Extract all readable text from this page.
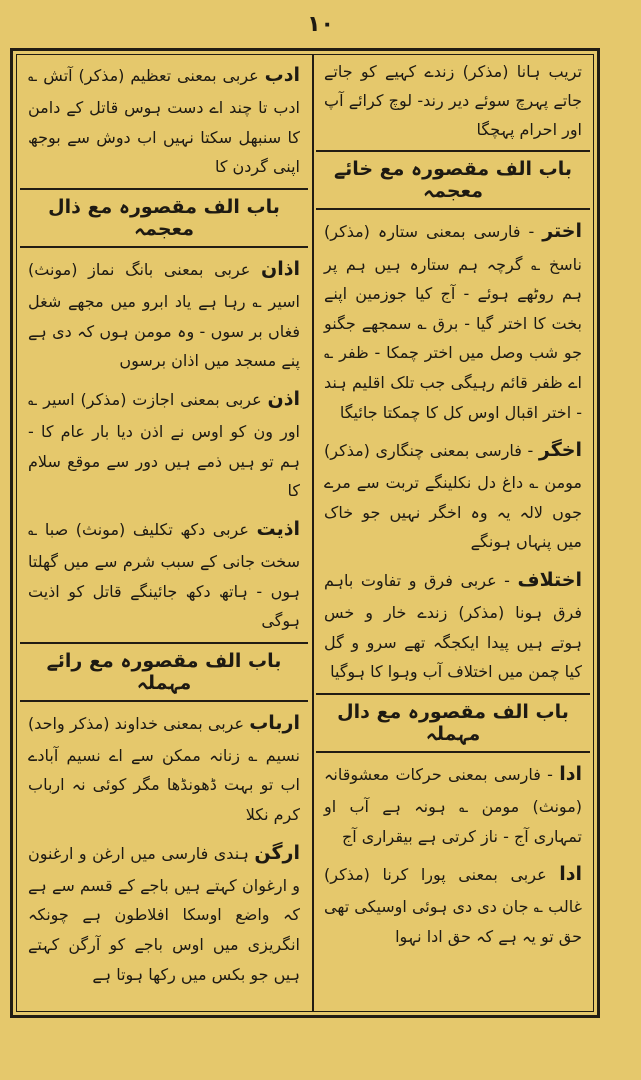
۱۰
تریب ہانا (مذکر) زندے کہیے کو جاتے جاتے پہرچ سوئے دیر رند- لوچ کرائے آپ اور احرام پہچگا
باب الف مقصورہ مع خائے معجمہ
اختر - فارسی بمعنی ستارہ (مذکر) ناسخ ؎ گرچہ ہم ستارہ ہیں ہم پر ہم روٹھے ہوئے - آج کیا جوزمین اپنے بخت کا اختر گیا - برق ؎ سمجھے جگنو جو شب وصل میں اختر چمکا - ظفر ؎ اے ظفر قائم رہیگی جب تلک اقلیم ہند - اختر اقبال اوس کل کا چمکتا جائیگا
اخگر - فارسی بمعنی چنگاری (مذکر) مومن ؎ داغ دل نکلینگے تربت سے مرے جوں لالہ یہ وہ اخگر نہیں جو خاک میں پنہاں ہونگے
اختلاف - عربی فرق و تفاوت باہم فرق ہونا (مذکر) زندے خار و خس ہوتے ہیں پیدا ایکجگہ تھے سرو و گل کیا چمن میں اختلاف آب وہوا کا ہوگیا
باب الف مقصورہ مع دال مہملہ
ادا - فارسی بمعنی حرکات معشوقانہ (مونث) مومن ؎ ہونہ ہے آب او تمہاری آج - ناز کرتی ہے بیقراری آج
ادا عربی بمعنی پورا کرنا (مذکر) غالب ؎ جان دی دی ہوئی اوسیکی تھی حق تو یہ ہے کہ حق ادا نہوا
ادب عربی بمعنی تعظیم (مذکر) آتش ؎ ادب تا چند اے دست ہوس قاتل کے دامن کا سنبھل سکتا نہیں اب دوش سے بوجھ اپنی گردن کا
باب الف مقصورہ مع ذال معجمہ
اذان عربی بمعنی بانگ نماز (مونث) اسیر ؎ رہا ہے یاد ابرو میں مجھے شغل فغاں بر سوں - وہ مومن ہوں کہ دی ہے پنے مسجد میں اذان برسوں
اذن عربی بمعنی اجازت (مذکر) اسیر ؎ اور ون کو اوس نے اذن دیا بار عام کا - ہم تو ہیں ذمے ہیں دور سے موقع سلام کا
اذیت عربی دکھ تکلیف (مونث) صبا ؎ سخت جانی کے سبب شرم سے میں گھلتا ہوں - ہاتھ دکھ جائینگے قاتل کو اذیت ہوگی
باب الف مقصورہ مع رائے مہملہ
ارباب عربی بمعنی خداوند (مذکر واحد) نسیم ؎ زنانہ ممکن سے اے نسیم آبادے اب تو بہت ڈھونڈھا مگر کوئی نہ ارباب کرم نکلا
ارگن ہندی فارسی میں ارغن و ارغنون و ارغوان کہتے ہیں باجے کے قسم سے ہے کہ واضع اوسکا افلاطون ہے چونکہ انگریزی میں اوس باجے کو آرگن کہتے ہیں جو بکس میں رکھا ہوتا ہے
